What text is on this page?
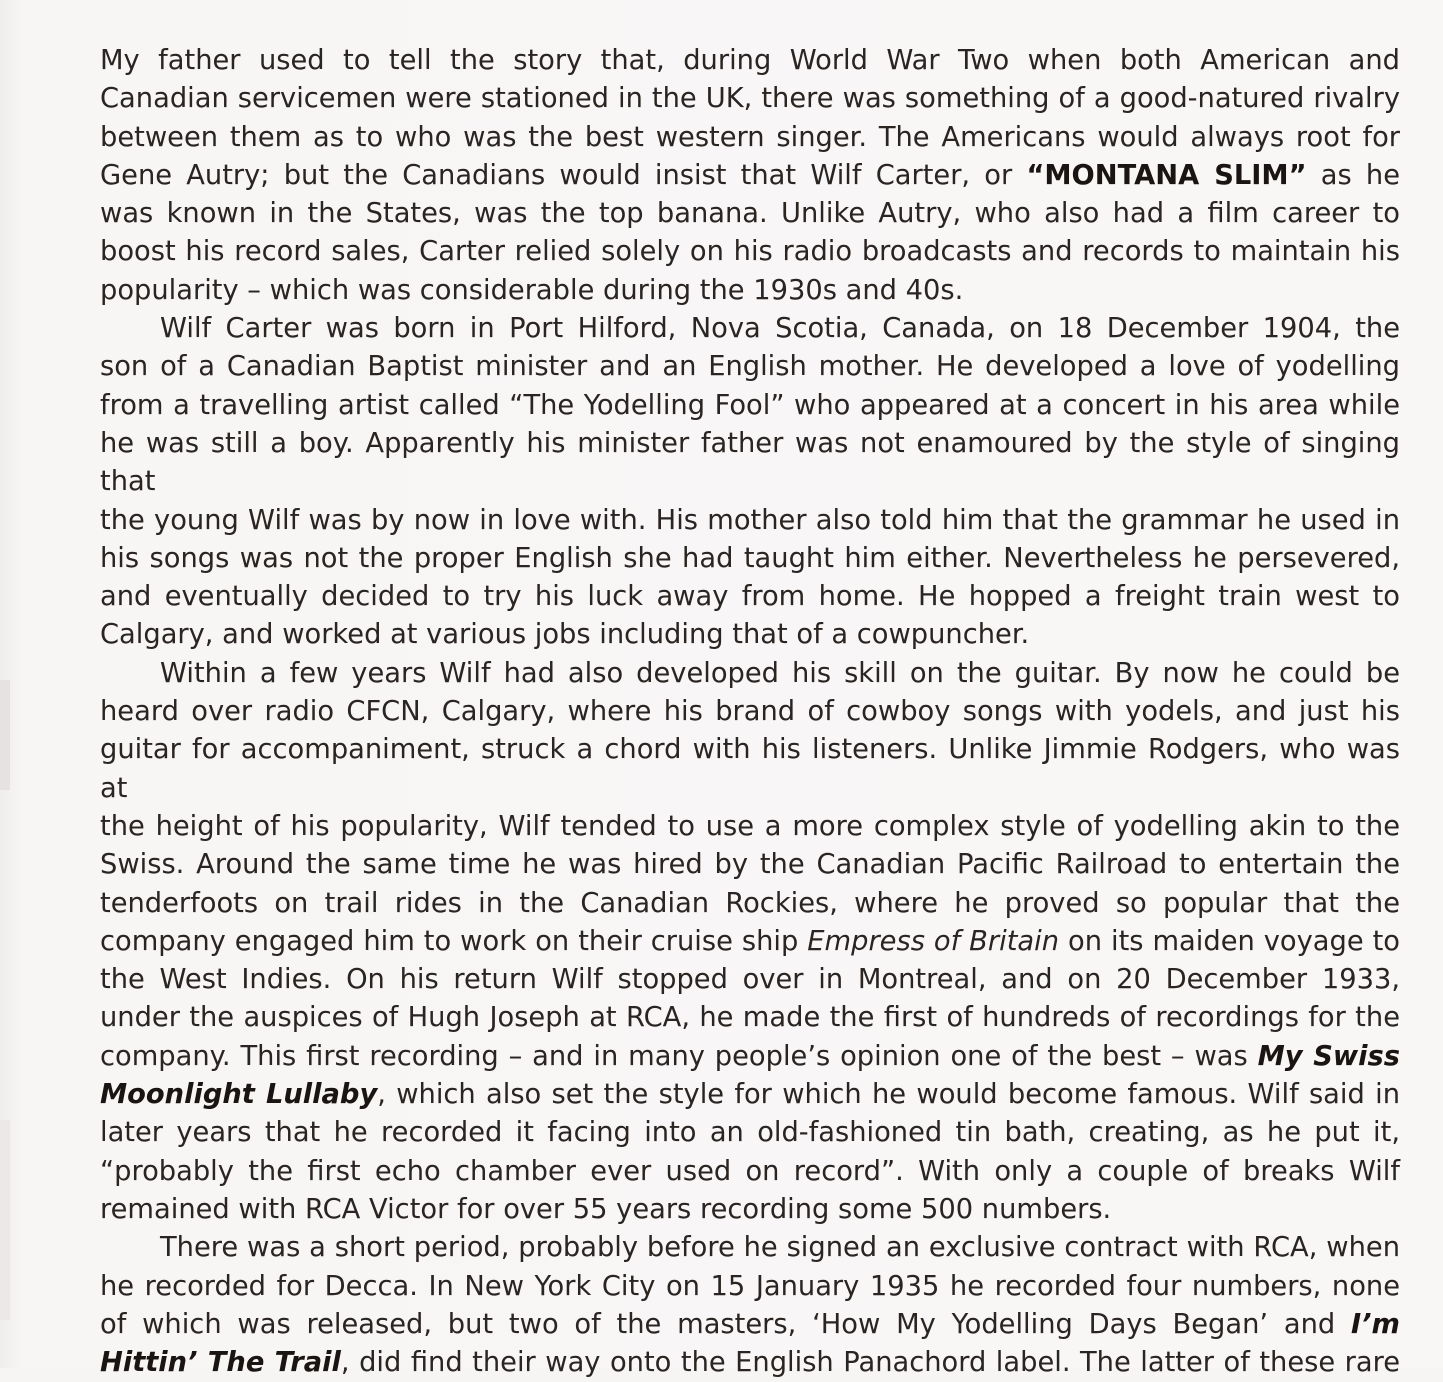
My father used to tell the story that, during World War Two when both American and

Canadian servicemen were stationed in the UK, there was something of a good-natured rivalry

between them as to who was the best western singer. The Americans would always root for

Gene Autry; but the Canadians would insist that Wilf Carter, or “MONTANA SLIM” as he

was known in the States, was the top banana. Unlike Autry, who also had a film career to

boost his record sales, Carter relied solely on his radio broadcasts and records to maintain his

popularity – which was considerable during the 1930s and 40s.

Wilf Carter was born in Port Hilford, Nova Scotia, Canada, on 18 December 1904, the

son of a Canadian Baptist minister and an English mother. He developed a love of yodelling

from a travelling artist called “The Yodelling Fool” who appeared at a concert in his area while

he was still a boy. Apparently his minister father was not enamoured by the style of singing that

the young Wilf was by now in love with. His mother also told him that the grammar he used in

his songs was not the proper English she had taught him either. Nevertheless he persevered,

and eventually decided to try his luck away from home. He hopped a freight train west to

Calgary, and worked at various jobs including that of a cowpuncher.

Within a few years Wilf had also developed his skill on the guitar. By now he could be

heard over radio CFCN, Calgary, where his brand of cowboy songs with yodels, and just his

guitar for accompaniment, struck a chord with his listeners. Unlike Jimmie Rodgers, who was at

the height of his popularity, Wilf tended to use a more complex style of yodelling akin to the

Swiss. Around the same time he was hired by the Canadian Pacific Railroad to entertain the

tenderfoots on trail rides in the Canadian Rockies, where he proved so popular that the

company engaged him to work on their cruise ship Empress of Britain on its maiden voyage to

the West Indies. On his return Wilf stopped over in Montreal, and on 20 December 1933,

under the auspices of Hugh Joseph at RCA, he made the first of hundreds of recordings for the

company. This first recording – and in many people’s opinion one of the best – was My Swiss

Moonlight Lullaby, which also set the style for which he would become famous. Wilf said in

later years that he recorded it facing into an old-fashioned tin bath, creating, as he put it,

“probably the first echo chamber ever used on record”. With only a couple of breaks Wilf

remained with RCA Victor for over 55 years recording some 500 numbers.

There was a short period, probably before he signed an exclusive contract with RCA, when

he recorded for Decca. In New York City on 15 January 1935 he recorded four numbers, none

of which was released, but two of the masters, ‘How My Yodelling Days Began’ and I’m

Hittin’ The Trail, did find their way onto the English Panachord label. The latter of these rare
